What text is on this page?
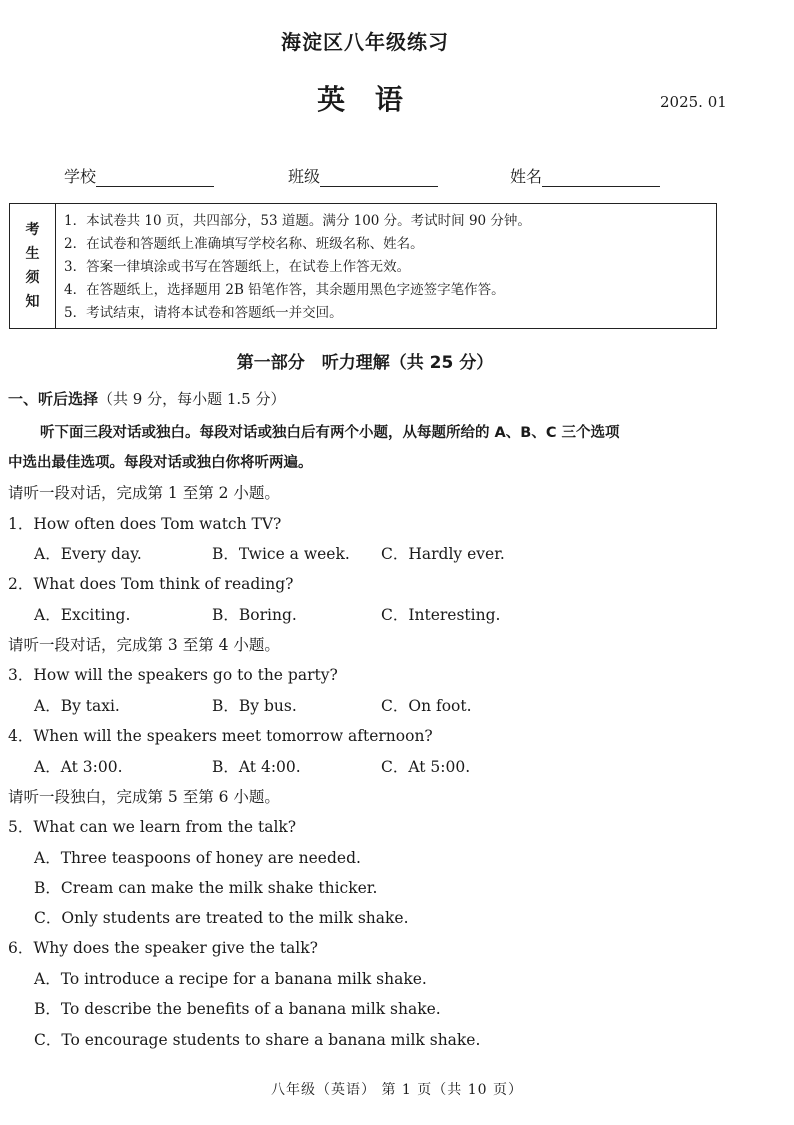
海淀区八年级练习
英 语	2025. 01
学校	班级	姓名
考
生
须
知
1．本试卷共 10 页，共四部分，53 道题。满分 100 分。考试时间 90 分钟。
2．在试卷和答题纸上准确填写学校名称、班级名称、姓名。
3．答案一律填涂或书写在答题纸上，在试卷上作答无效。
4．在答题纸上，选择题用 2B 铅笔作答，其余题用黑色字迹签字笔作答。
5．考试结束，请将本试卷和答题纸一并交回。
第一部分　听力理解（共 25 分）
一、听后选择（共 9 分，每小题 1.5 分）
听下面三段对话或独白。每段对话或独白后有两个小题，从每题所给的 A、B、C 三个选项
中选出最佳选项。每段对话或独白你将听两遍。
请听一段对话，完成第 1 至第 2 小题。
1．How often does Tom watch TV?
A．Every day.	B．Twice a week. C．Hardly ever.
2．What does Tom think of reading?
A．Exciting.	B．Boring.	C．Interesting.
请听一段对话，完成第 3 至第 4 小题。
3．How will the speakers go to the party?
A．By taxi.	B．By bus.	C．On foot.
4．When will the speakers meet tomorrow afternoon?
A．At 3:00.	B．At 4:00.	C．At 5:00.
请听一段独白，完成第 5 至第 6 小题。
5．What can we learn from the talk?
A．Three teaspoons of honey are needed.
B．Cream can make the milk shake thicker.
C．Only students are treated to the milk shake.
6．Why does the speaker give the talk?
A．To introduce a recipe for a banana milk shake.
B．To describe the benefits of a banana milk shake.
C．To encourage students to share a banana milk shake.
八年级（英语） 第 1 页（共 10 页）
